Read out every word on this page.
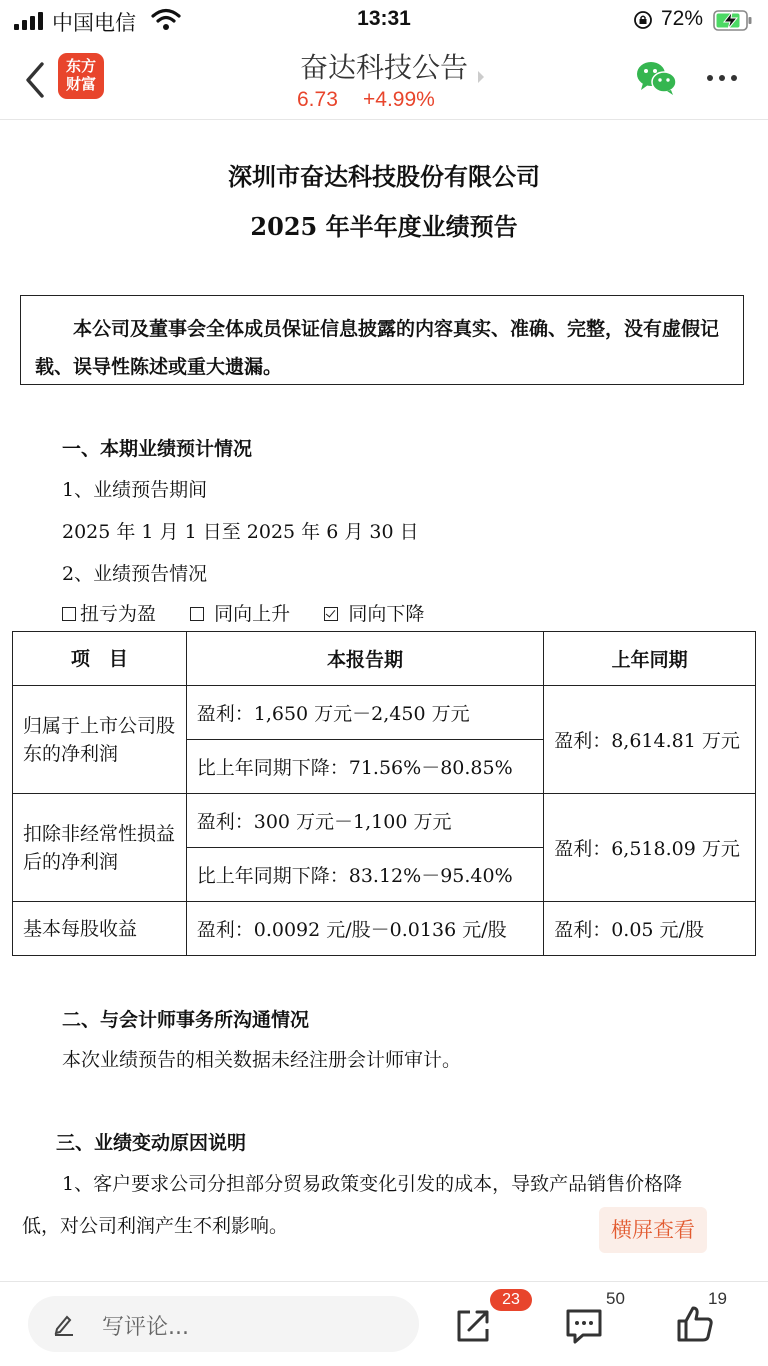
中国电信	13:31	72%
东方
财富	奋达科技公告
6.73 +4.99%
深圳市奋达科技股份有限公司
2025 年半年度业绩预告
本公司及董事会全体成员保证信息披露的内容真实、准确、完整，没有虚假记载、误导性陈述或重大遗漏。
一、本期业绩预计情况
1、业绩预告期间
2025 年 1 月 1 日至 2025 年 6 月 30 日
2、业绩预告情况
扭亏为盈	同向上升	同向下降
项　目	本报告期	上年同期
归属于上市公司股东的净利润	盈利：1,650 万元－2,450 万元	盈利：8,614.81 万元
	比上年同期下降：71.56%－80.85%	
扣除非经常性损益后的净利润	盈利：300 万元－1,100 万元	盈利：6,518.09 万元
	比上年同期下降：83.12%－95.40%	
基本每股收益	盈利：0.0092 元/股－0.0136 元/股	盈利：0.05 元/股
二、与会计师事务所沟通情况
本次业绩预告的相关数据未经注册会计师审计。
三、业绩变动原因说明
1、客户要求公司分担部分贸易政策变化引发的成本，导致产品销售价格降
低，对公司利润产生不利影响。	横屏查看
写评论...
23	50	19
